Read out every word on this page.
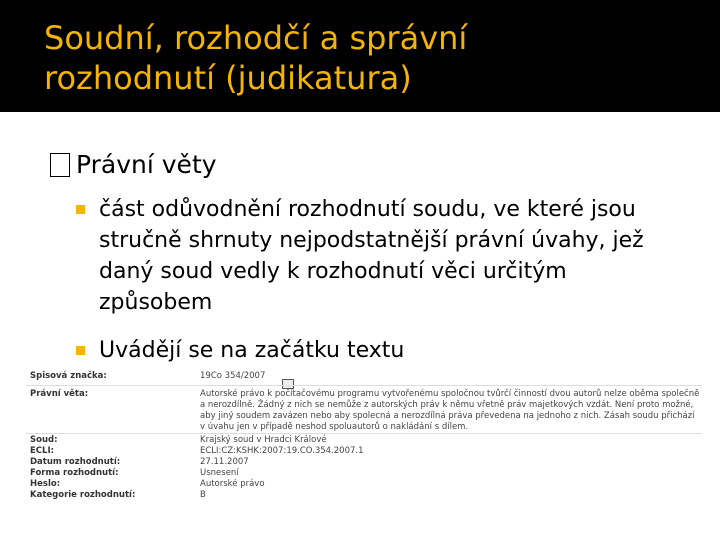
Soudní, rozhodčí a správní
rozhodnutí (judikatura)
Právní věty
část odůvodnění rozhodnutí soudu, ve které jsou stručně shrnuty nejpodstatnější právní úvahy, jež daný soud vedly k rozhodnutí věci určitým způsobem
Uvádějí se na začátku textu
Spisová značka:	19Co 354/2007
Právní věta:	Autorské právo k počítačovému programu vytvořenému spoločnou tvůrčí činností dvou autorů nelze oběma společně a nerozdílně. Žádný z nich se nemůže z autorských práv k němu vřetně práv majetkových vzdát. Není proto možné, aby jiný soudem zavázen nebo aby spolecná a nerozdílná práva převedena na jednoho z nich. Zásah soudu přichází v úvahu jen v případě neshod spoluautorů o nakládání s dílem.
Soud:	Krajský soud v Hradci Králové
ECLI:	ECLI:CZ:KSHK:2007:19.CO.354.2007.1
Datum rozhodnutí:	27.11.2007
Forma rozhodnutí:	Usnesení
Heslo:	Autorské právo
Kategorie rozhodnutí:	B
